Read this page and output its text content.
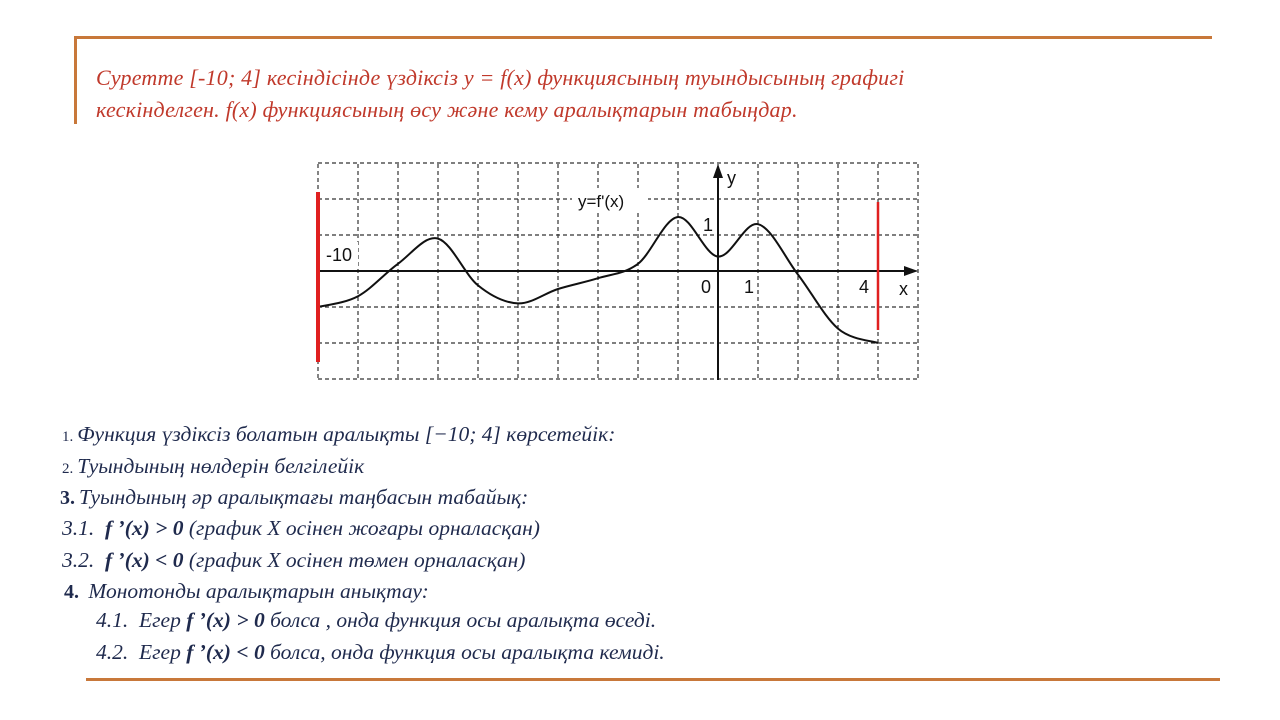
Суретте [-10; 4] кесіндісінде үздіксіз y = f(x) функциясының туындысының графигі
кескінделген. f(x) функциясының өсу және кему аралықтарын табыңдар.
-10
y=f'(x)
y
x
0 1
1
4
1. Функция үздіксіз болатын аралықты [−10; 4] көрсетейік:
2. Туындының нөлдерін белгілейік
3. Туындының әр аралықтағы таңбасын табайық:
3.1. f ’(x) > 0 (график X осінен жоғары орналасқан)
3.2. f ’(x) < 0 (график X осінен төмен орналасқан)
4. Монотонды аралықтарын анықтау:
4.1. Егер f ’(x) > 0 болса , онда функция осы аралықта өседі.
4.2. Егер f ’(x) < 0 болса, онда функция осы аралықта кемиді.
